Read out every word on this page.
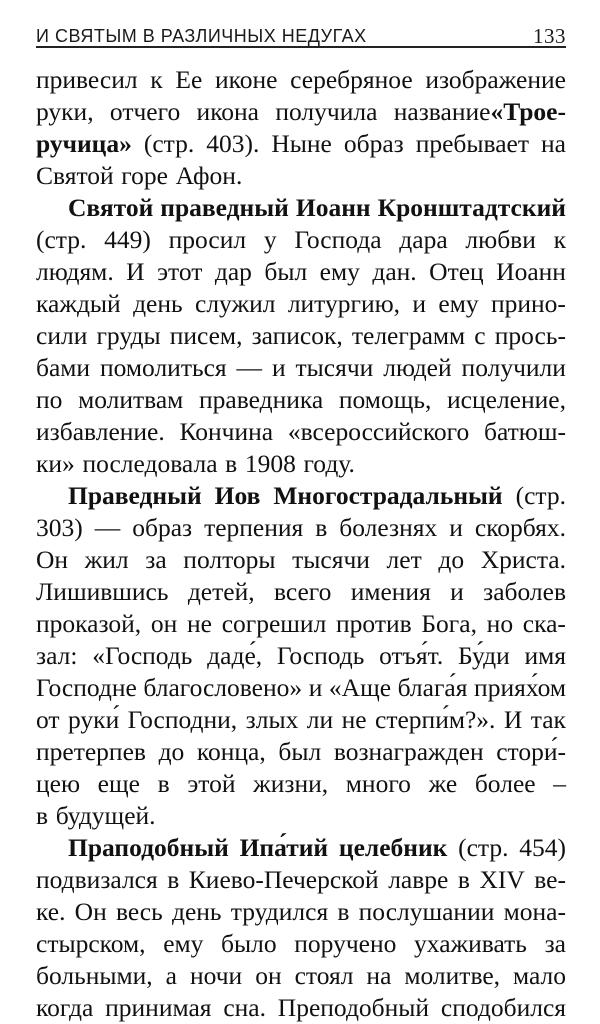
И СВЯТЫМ В РАЗЛИЧНЫХ НЕДУГАХ	133
привесил к Ее иконе серебряное изображение
руки, отчего икона получила название«Трое-
ручица» (стр. 403). Ныне образ пребывает на
Святой горе Афон.
Святой праведный Иоанн Кронштадтский
(стр. 449) просил у Господа дара любви к
людям. И этот дар был ему дан. Отец Иоанн
каждый день служил литургию, и ему прино-
сили груды писем, записок, телеграмм с прось-
бами помолиться — и тысячи людей получили
по молитвам праведника помощь, исцеление,
избавление. Кончина «всероссийского батюш-
ки» последовала в 1908 году.
Праведный Иов Многострадальный (стр.
303) — образ терпения в болезнях и скорбях.
Он жил за полторы тысячи лет до Христа.
Лишившись детей, всего имения и заболев
проказой, он не согрешил против Бога, но ска-
зал: «Господь даде́, Господь отъя́т. Бу́ди имя
Господне благословено» и «Аще блага́я приях́ом
от руки́ Господни, злых ли не стерпи́м?». И так
претерпев до конца, был вознагражден стори́-
цею еще в этой жизни, много же более –
в будущей.
Праподобный Ипа́тий целебник (стр. 454)
подвизался в Киево-Печерской лавре в XIV ве-
ке. Он весь день трудился в послушании мона-
стырском, ему было поручено ухаживать за
больными, а ночи он стоял на молитве, мало
когда принимая сна. Преподобный сподобился
